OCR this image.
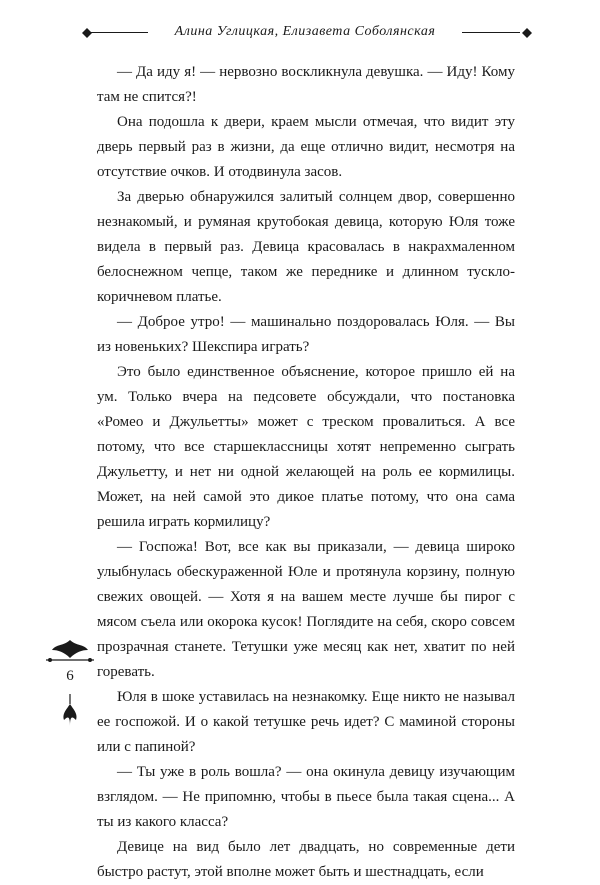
Алина Углицкая, Елизавета Соболянская

— Да иду я! — нервозно воскликнула девушка. — Иду! Кому там не спится?!

Она подошла к двери, краем мысли отмечая, что видит эту дверь первый раз в жизни, да еще отлично видит, несмотря на отсутствие очков. И отодвинула засов.

За дверью обнаружился залитый солнцем двор, совершенно незнакомый, и румяная крутобокая девица, которую Юля тоже видела в первый раз. Девица красовалась в накрахмаленном белоснежном чепце, таком же переднике и длинном тускло-коричневом платье.

— Доброе утро! — машинально поздоровалась Юля. — Вы из новеньких? Шекспира играть?

Это было единственное объяснение, которое пришло ей на ум. Только вчера на педсовете обсуждали, что постановка «Ромео и Джульетты» может с треском провалиться. А все потому, что все старшеклассницы хотят непременно сыграть Джульетту, и нет ни одной желающей на роль ее кормилицы. Может, на ней самой это дикое платье потому, что она сама решила играть кормилицу?

— Госпожа! Вот, все как вы приказали, — девица широко улыбнулась обескураженной Юле и протянула корзину, полную свежих овощей. — Хотя я на вашем месте лучше бы пирог с мясом съела или окорока кусок! Поглядите на себя, скоро совсем прозрачная станете. Тетушки уже месяц как нет, хватит по ней горевать.

Юля в шоке уставилась на незнакомку. Еще никто не называл ее госпожой. И о какой тетушке речь идет? С маминой стороны или с папиной?

— Ты уже в роль вошла? — она окинула девицу изучающим взглядом. — Не припомню, чтобы в пьесе была такая сцена... А ты из какого класса?

Девице на вид было лет двадцать, но современные дети быстро растут, этой вполне может быть и шестнадцать, если

6
